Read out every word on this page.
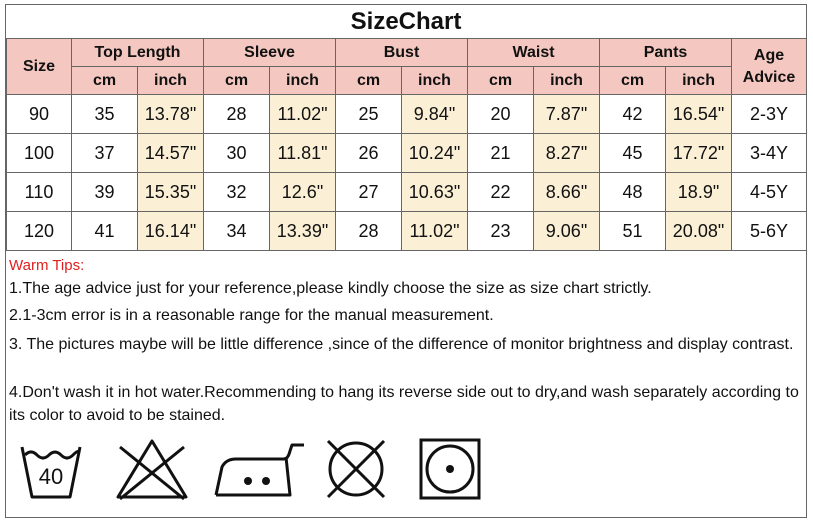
SizeChart
Size	Top Length		Sleeve		Bust		Waist		Pants		Age Advice
	cm	inch	cm	inch	cm	inch	cm	inch	cm	inch	
90	35	13.78"	28	11.02"	25	9.84"	20	7.87"	42	16.54"	2-3Y
100	37	14.57"	30	11.81"	26	10.24"	21	8.27"	45	17.72"	3-4Y
110	39	15.35"	32	12.6"	27	10.63"	22	8.66"	48	18.9"	4-5Y
120	41	16.14"	34	13.39"	28	11.02"	23	9.06"	51	20.08"	5-6Y
Warm Tips:
1.The age advice just for your reference,please kindly choose the size as size chart strictly.
2.1-3cm error is in a reasonable range for the manual measurement.
3. The pictures maybe will be little difference ,since of the difference of monitor brightness and display contrast.
4.Don't wash it in hot water.Recommending to hang its reverse side out to dry,and wash separately according to its color to avoid to be stained.
40
